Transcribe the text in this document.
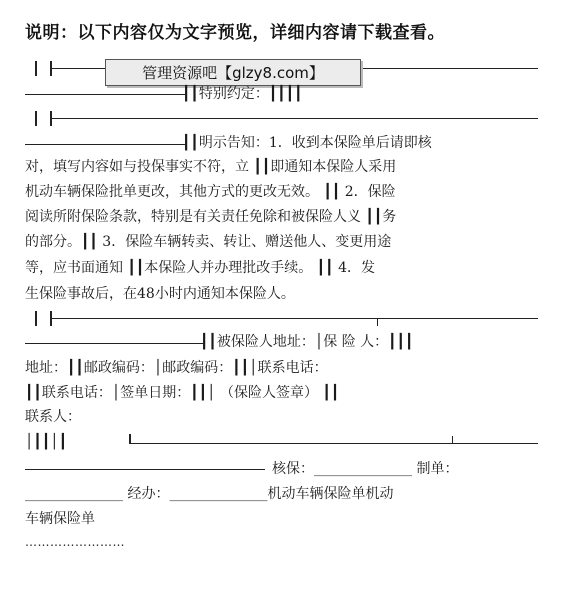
说明：以下内容仅为文字预览，详细内容请下载查看。
管理资源吧【glzy8.com】
┃┃特别约定：┃┃┃┃
┃┃明示告知：1．收到本保险单后请即核
对，填写内容如与投保事实不符，立 ┃┃即通知本保险人采用
机动车辆保险批单更改，其他方式的更改无效。 ┃┃ 2．保险
阅读所附保险条款，特别是有关责任免除和被保险人义 ┃┃务
的部分。┃┃ 3．保险车辆转卖、转让、赠送他人、变更用途
等，应书面通知 ┃┃本保险人并办理批改手续。 ┃┃ 4．发
生保险事故后，在48小时内通知本保险人。
┃┃被保险人地址：│保 险 人：┃┃┃
地址：┃┃邮政编码：│邮政编码：┃┃│联系电话：
┃┃联系电话：│签单日期：┃┃│ （保险人签章） ┃┃
联系人：
│┃┃│┃
核保：______________ 制单：
______________ 经办：______________机动车辆保险单机动
车辆保险单
……………………
